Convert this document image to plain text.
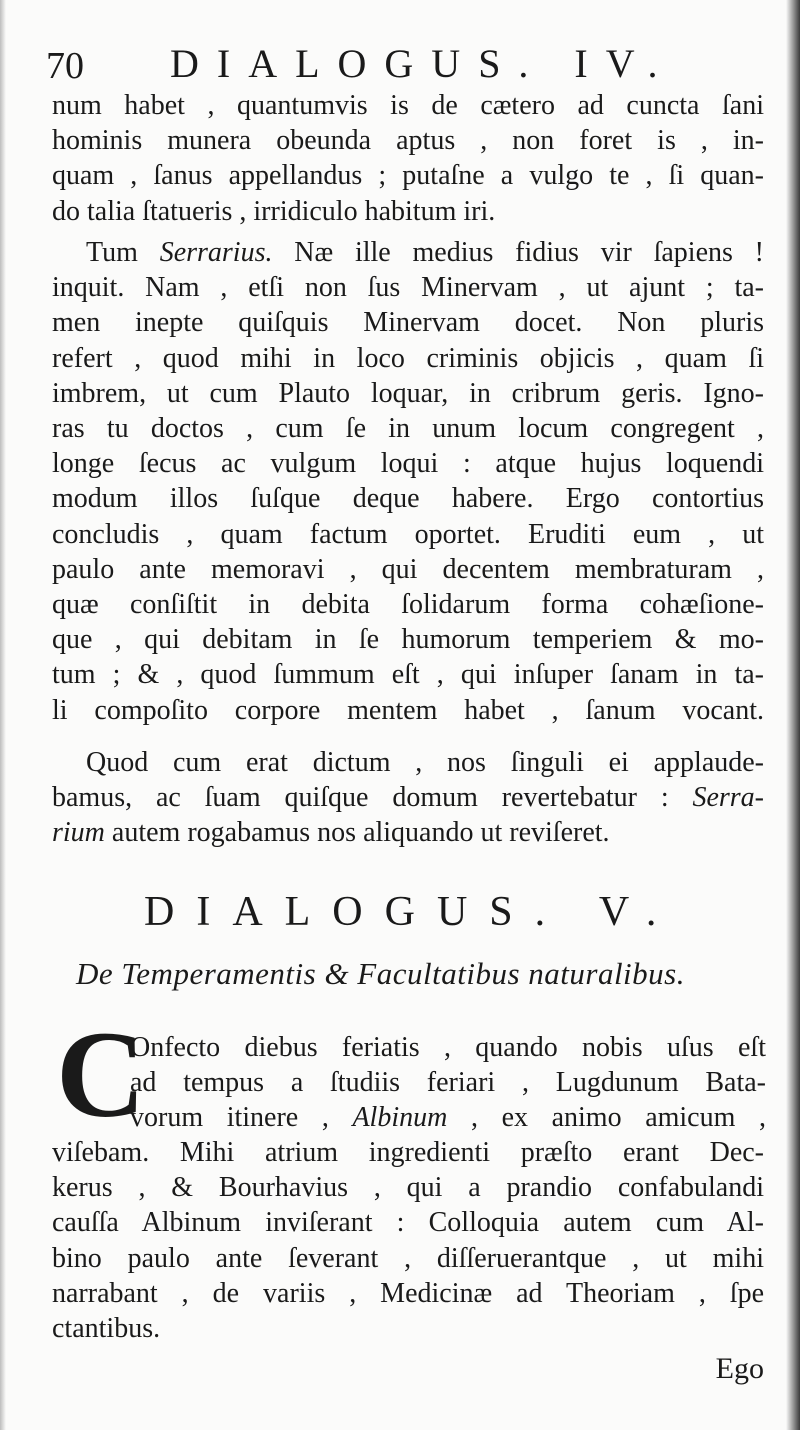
70 DIALOGUS. IV.
num habet , quantumvis is de cætero ad cuncta ſani
hominis munera obeunda aptus , non foret is , in-
quam , ſanus appellandus ; putaſne a vulgo te , ſi quan-
do talia ſtatueris , irridiculo habitum iri.
Tum Serrarius. Næ ille medius fidius vir ſapiens !
inquit. Nam , etſi non ſus Minervam , ut ajunt ; ta-
men inepte quiſquis Minervam docet. Non pluris
refert , quod mihi in loco criminis objicis , quam ſi
imbrem, ut cum Plauto loquar, in cribrum geris. Igno-
ras tu doctos , cum ſe in unum locum congregent ,
longe ſecus ac vulgum loqui : atque hujus loquendi
modum illos ſuſque deque habere. Ergo contortius
concludis , quam factum oportet. Eruditi eum , ut
paulo ante memoravi , qui decentem membraturam ,
quæ conſiſtit in debita ſolidarum forma cohæſione-
que , qui debitam in ſe humorum temperiem & mo-
tum ; & , quod ſummum eſt , qui inſuper ſanam in ta-
li compoſito corpore mentem habet , ſanum vocant.
Quod cum erat dictum , nos ſinguli ei applaude-
bamus, ac ſuam quiſque domum revertebatur : Serra-
rium autem rogabamus nos aliquando ut reviſeret.
DIALOGUS. V.
De Temperamentis & Facultatibus naturalibus.
C
Onfecto diebus feriatis , quando nobis uſus eſt
ad tempus a ſtudiis feriari , Lugdunum Bata-
vorum itinere , Albinum , ex animo amicum ,
viſebam. Mihi atrium ingredienti præſto erant Dec-
kerus , & Bourhavius , qui a prandio confabulandi
cauſſa Albinum inviſerant : Colloquia autem cum Al-
bino paulo ante ſeverant , diſſeruerantque , ut mihi
narrabant , de variis , Medicinæ ad Theoriam , ſpe
ctantibus.
Ego
